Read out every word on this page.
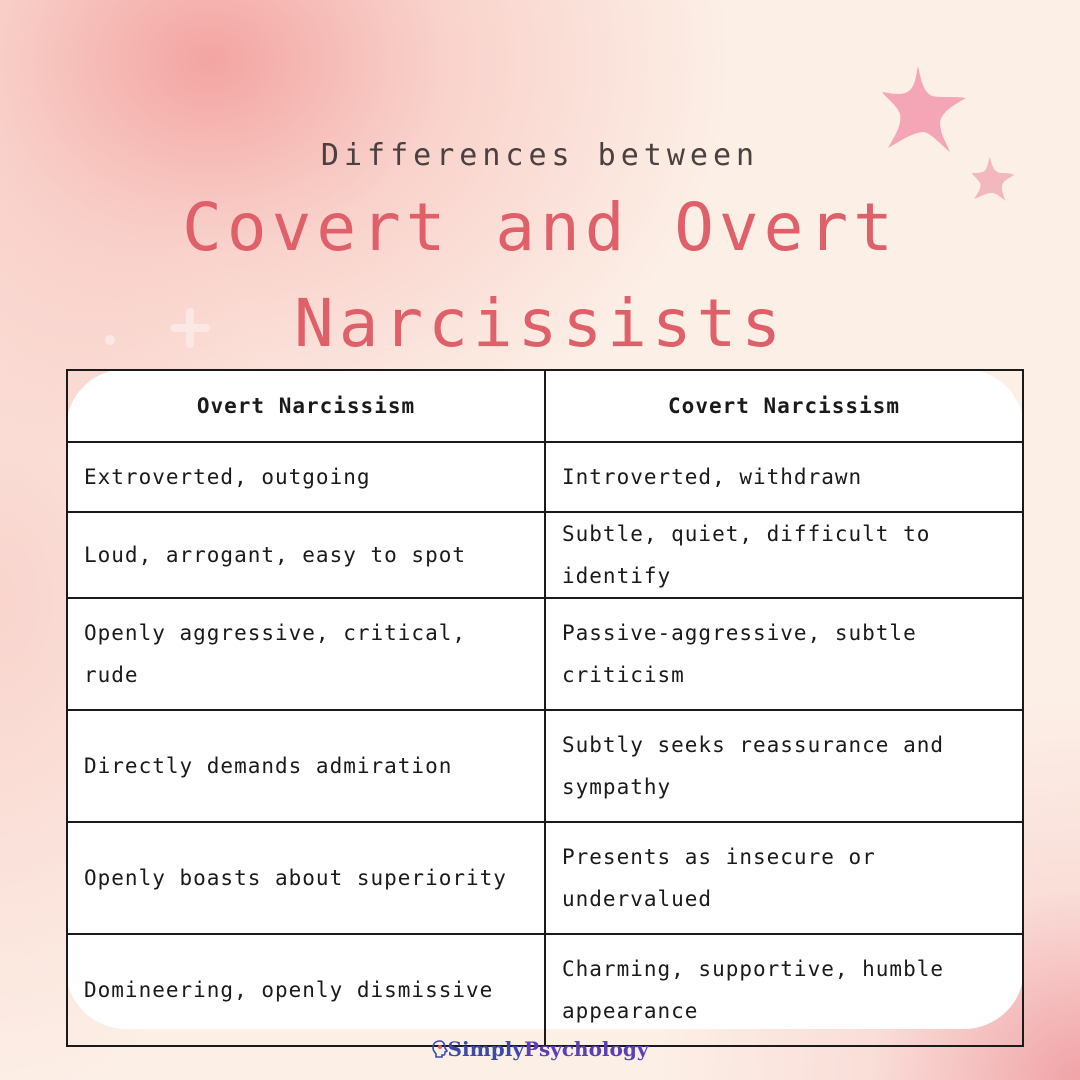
Differences between
Covert and Overt Narcissists
Overt Narcissism	Covert Narcissism
Extroverted, outgoing	Introverted, withdrawn
Loud, arrogant, easy to spot	Subtle, quiet, difficult to identify
Openly aggressive, critical, rude	Passive-aggressive, subtle criticism
Directly demands admiration	Subtly seeks reassurance and sympathy
Openly boasts about superiority	Presents as insecure or undervalued
Domineering, openly dismissive	Charming, supportive, humble appearance
SimplyPsychology
